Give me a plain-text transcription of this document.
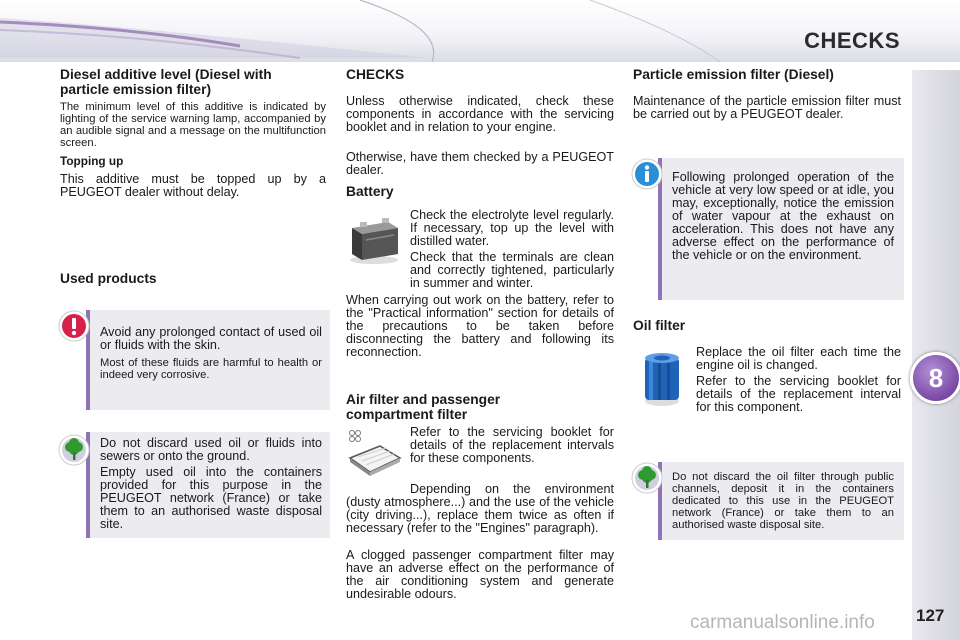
CHECKS
8
127
carmanualsonline.info

Diesel additive level (Diesel with particle emission filter)

The minimum level of this additive is indicated by lighting of the service warning lamp, accompanied by an audible signal and a message on the multifunction screen.

Topping up

This additive must be topped up by a PEUGEOT dealer without delay.

Used products

Avoid any prolonged contact of used oil or fluids with the skin.

Most of these fluids are harmful to health or indeed very corrosive.

Do not discard used oil or fluids into sewers or onto the ground.

Empty used oil into the containers provided for this purpose in the PEUGEOT network (France) or take them to an authorised waste disposal site.

CHECKS

Unless otherwise indicated, check these components in accordance with the servicing booklet and in relation to your engine.

Otherwise, have them checked by a PEUGEOT dealer.

Battery

Check the electrolyte level regularly. If necessary, top up the level with distilled water.

Check that the terminals are clean and correctly tightened, particularly in summer and winter.

When carrying out work on the battery, refer to the "Practical information" section for details of the precautions to be taken before disconnecting the battery and following its reconnection.

Air filter and passenger compartment filter

Refer to the servicing booklet for details of the replacement intervals for these components.

Depending on the environment (dusty atmosphere...) and the use of the vehicle (city driving...), replace them twice as often if necessary (refer to the "Engines" paragraph).

A clogged passenger compartment filter may have an adverse effect on the performance of the air conditioning system and generate undesirable odours.

Particle emission filter (Diesel)

Maintenance of the particle emission filter must be carried out by a PEUGEOT dealer.

Following prolonged operation of the vehicle at very low speed or at idle, you may, exceptionally, notice the emission of water vapour at the exhaust on acceleration. This does not have any adverse effect on the performance of the vehicle or on the environment.

Oil filter

Replace the oil filter each time the engine oil is changed.

Refer to the servicing booklet for details of the replacement interval for this component.

Do not discard the oil filter through public channels, deposit it in the containers dedicated to this use in the PEUGEOT network (France) or take them to an authorised waste disposal site.
